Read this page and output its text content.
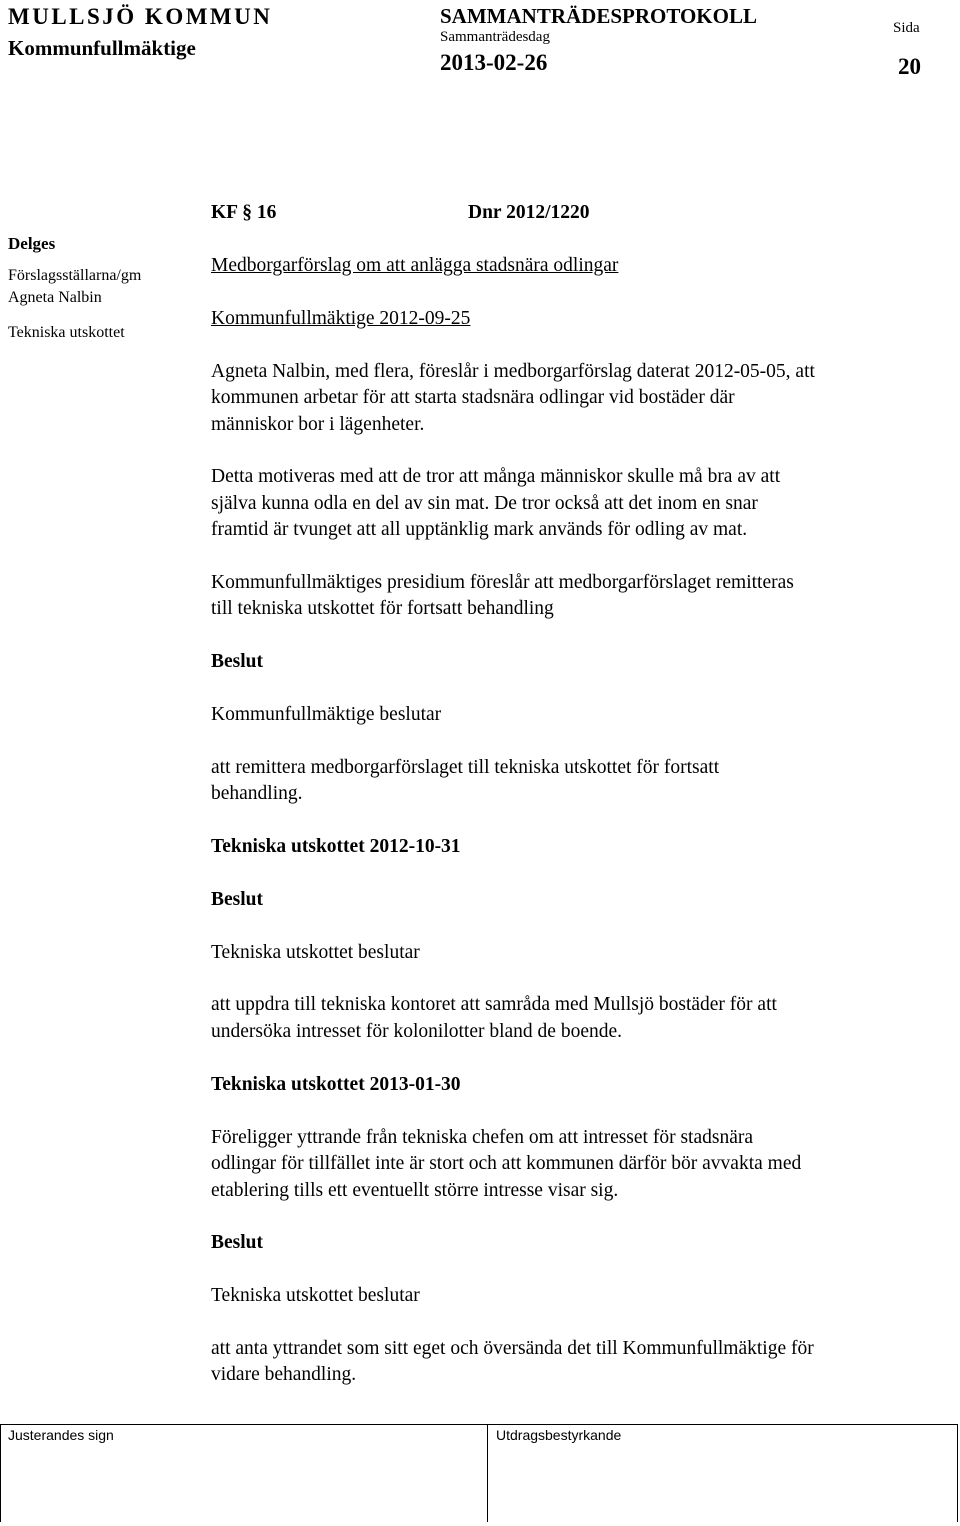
MULLSJÖ KOMMUN
Kommunfullmäktige
SAMMANTRÄDESPROTOKOLL
Sammanträdesdag
2013-02-26
Sida
20
Delges
Förslagsställarna/gm
Agneta Nalbin
Tekniska utskottet
KF § 16	Dnr 2012/1220
Medborgarförslag om att anlägga stadsnära odlingar
Kommunfullmäktige 2012-09-25
Agneta Nalbin, med flera, föreslår i medborgarförslag daterat 2012-05-05, att
kommunen arbetar för att starta stadsnära odlingar vid bostäder där
människor bor i lägenheter.
Detta motiveras med att de tror att många människor skulle må bra av att
själva kunna odla en del av sin mat. De tror också att det inom en snar
framtid är tvunget att all upptänklig mark används för odling av mat.
Kommunfullmäktiges presidium föreslår att medborgarförslaget remitteras
till tekniska utskottet för fortsatt behandling
Beslut
Kommunfullmäktige beslutar
att remittera medborgarförslaget till tekniska utskottet för fortsatt
behandling.
Tekniska utskottet 2012-10-31
Beslut
Tekniska utskottet beslutar
att uppdra till tekniska kontoret att samråda med Mullsjö bostäder för att
undersöka intresset för kolonilotter bland de boende.
Tekniska utskottet 2013-01-30
Föreligger yttrande från tekniska chefen om att intresset för stadsnära
odlingar för tillfället inte är stort och att kommunen därför bör avvakta med
etablering tills ett eventuellt större intresse visar sig.
Beslut
Tekniska utskottet beslutar
att anta yttrandet som sitt eget och översända det till Kommunfullmäktige för
vidare behandling.
Justerandes sign	Utdragsbestyrkande
